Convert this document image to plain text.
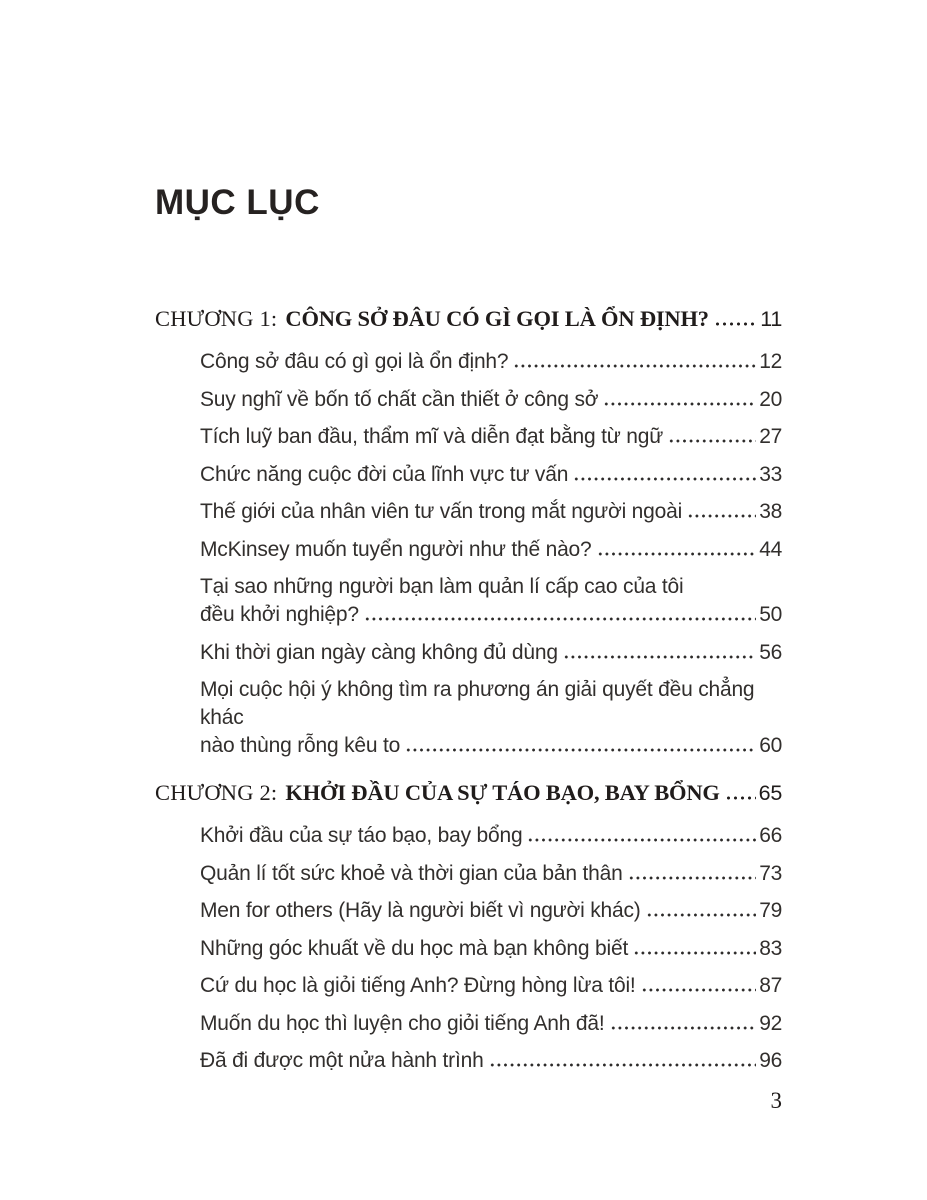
MỤC LỤC
CHƯƠNG 1: CÔNG SỞ ĐÂU CÓ GÌ GỌI LÀ ỔN ĐỊNH? 11
Công sở đâu có gì gọi là ổn định?	12
Suy nghĩ về bốn tố chất cần thiết ở công sở	20
Tích luỹ ban đầu, thẩm mĩ và diễn đạt bằng từ ngữ	27
Chức năng cuộc đời của lĩnh vực tư vấn	33
Thế giới của nhân viên tư vấn trong mắt người ngoài	38
McKinsey muốn tuyển người như thế nào?	44
Tại sao những người bạn làm quản lí cấp cao của tôi
đều khởi nghiệp?	50
Khi thời gian ngày càng không đủ dùng	56
Mọi cuộc hội ý không tìm ra phương án giải quyết đều chẳng khác
nào thùng rỗng kêu to	60
CHƯƠNG 2: KHỞI ĐẦU CỦA SỰ TÁO BẠO, BAY BỔNG 65
Khởi đầu của sự táo bạo, bay bổng	66
Quản lí tốt sức khoẻ và thời gian của bản thân	73
Men for others (Hãy là người biết vì người khác)	79
Những góc khuất về du học mà bạn không biết	83
Cứ du học là giỏi tiếng Anh? Đừng hòng lừa tôi!	87
Muốn du học thì luyện cho giỏi tiếng Anh đã!	92
Đã đi được một nửa hành trình	96
3
